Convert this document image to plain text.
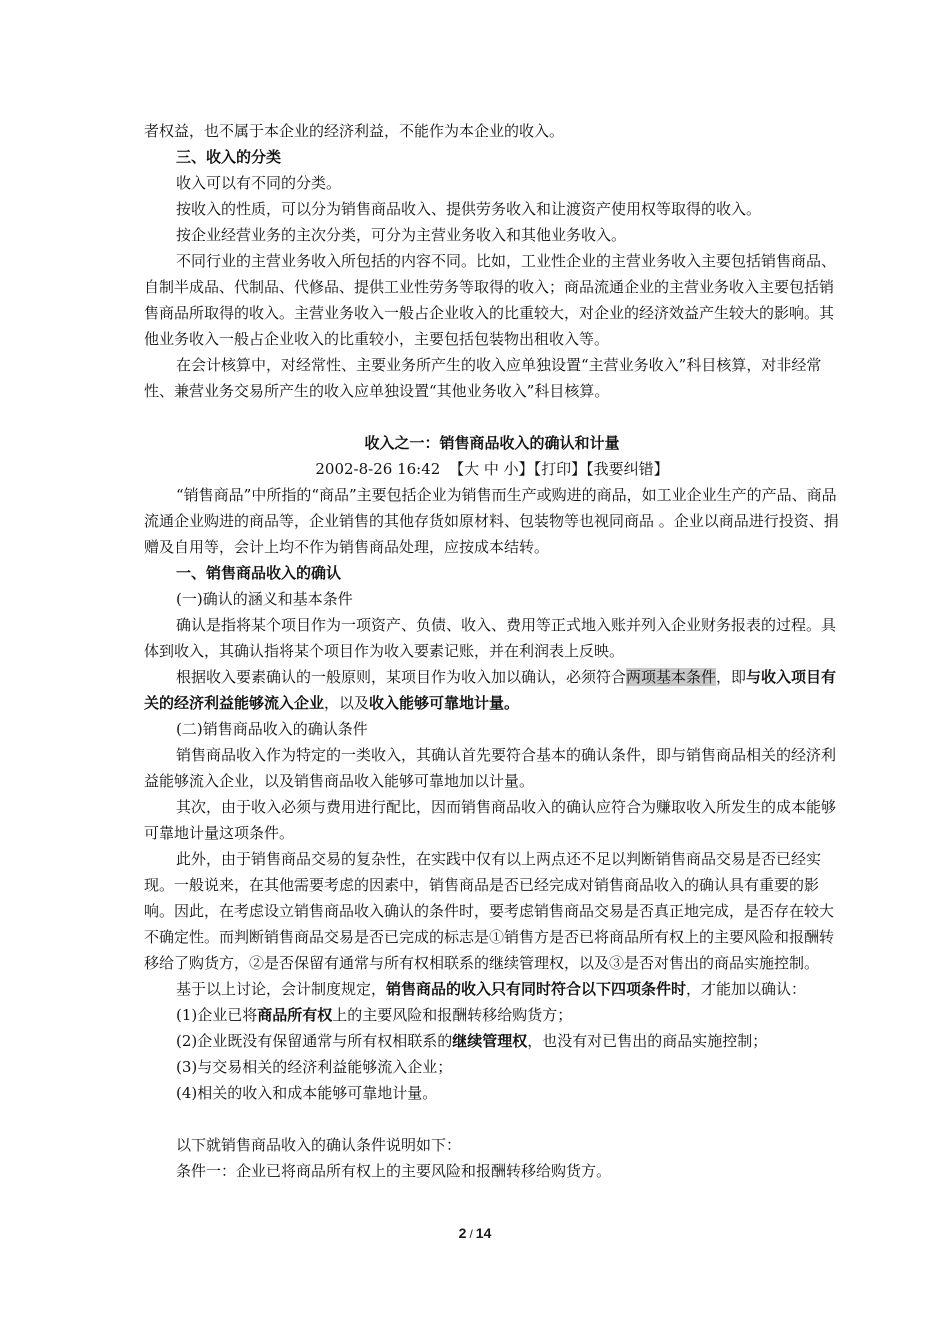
者权益，也不属于本企业的经济利益，不能作为本企业的收入。

三、收入的分类

收入可以有不同的分类。

按收入的性质，可以分为销售商品收入、提供劳务收入和让渡资产使用权等取得的收入。

按企业经营业务的主次分类，可分为主营业务收入和其他业务收入。

不同行业的主营业务收入所包括的内容不同。比如，工业性企业的主营业务收入主要包括销售商品、自制半成品、代制品、代修品、提供工业性劳务等取得的收入；商品流通企业的主营业务收入主要包括销售商品所取得的收入。主营业务收入一般占企业收入的比重较大，对企业的经济效益产生较大的影响。其他业务收入一般占企业收入的比重较小，主要包括包装物出租收入等。

在会计核算中，对经常性、主要业务所产生的收入应单独设置“主营业务收入”科目核算，对非经常性、兼营业务交易所产生的收入应单独设置“其他业务收入”科目核算。

收入之一：销售商品收入的确认和计量

2002-8-26 16:42 【大 中 小】【打印】【我要纠错】

“销售商品”中所指的“商品”主要包括企业为销售而生产或购进的商品，如工业企业生产的产品、商品流通企业购进的商品等，企业销售的其他存货如原材料、包装物等也视同商品 。企业以商品进行投资、捐赠及自用等，会计上均不作为销售商品处理，应按成本结转。

一、销售商品收入的确认

(一)确认的涵义和基本条件

确认是指将某个项目作为一项资产、负债、收入、费用等正式地入账并列入企业财务报表的过程。具体到收入，其确认指将某个项目作为收入要素记账，并在利润表上反映。

根据收入要素确认的一般原则，某项目作为收入加以确认，必须符合两项基本条件，即与收入项目有关的经济利益能够流入企业，以及收入能够可靠地计量。

(二)销售商品收入的确认条件

销售商品收入作为特定的一类收入，其确认首先要符合基本的确认条件，即与销售商品相关的经济利益能够流入企业，以及销售商品收入能够可靠地加以计量。

其次，由于收入必须与费用进行配比，因而销售商品收入的确认应符合为赚取收入所发生的成本能够可靠地计量这项条件。

此外，由于销售商品交易的复杂性，在实践中仅有以上两点还不足以判断销售商品交易是否已经实现。一般说来，在其他需要考虑的因素中，销售商品是否已经完成对销售商品收入的确认具有重要的影响。因此，在考虑设立销售商品收入确认的条件时，要考虑销售商品交易是否真正地完成，是否存在较大不确定性。而判断销售商品交易是否已完成的标志是①销售方是否已将商品所有权上的主要风险和报酬转移给了购货方，②是否保留有通常与所有权相联系的继续管理权，以及③是否对售出的商品实施控制。

基于以上讨论，会计制度规定，销售商品的收入只有同时符合以下四项条件时，才能加以确认：

(1)企业已将商品所有权上的主要风险和报酬转移给购货方；

(2)企业既没有保留通常与所有权相联系的继续管理权，也没有对已售出的商品实施控制；

(3)与交易相关的经济利益能够流入企业；

(4)相关的收入和成本能够可靠地计量。

以下就销售商品收入的确认条件说明如下：

条件一：企业已将商品所有权上的主要风险和报酬转移给购货方。

2 / 14
